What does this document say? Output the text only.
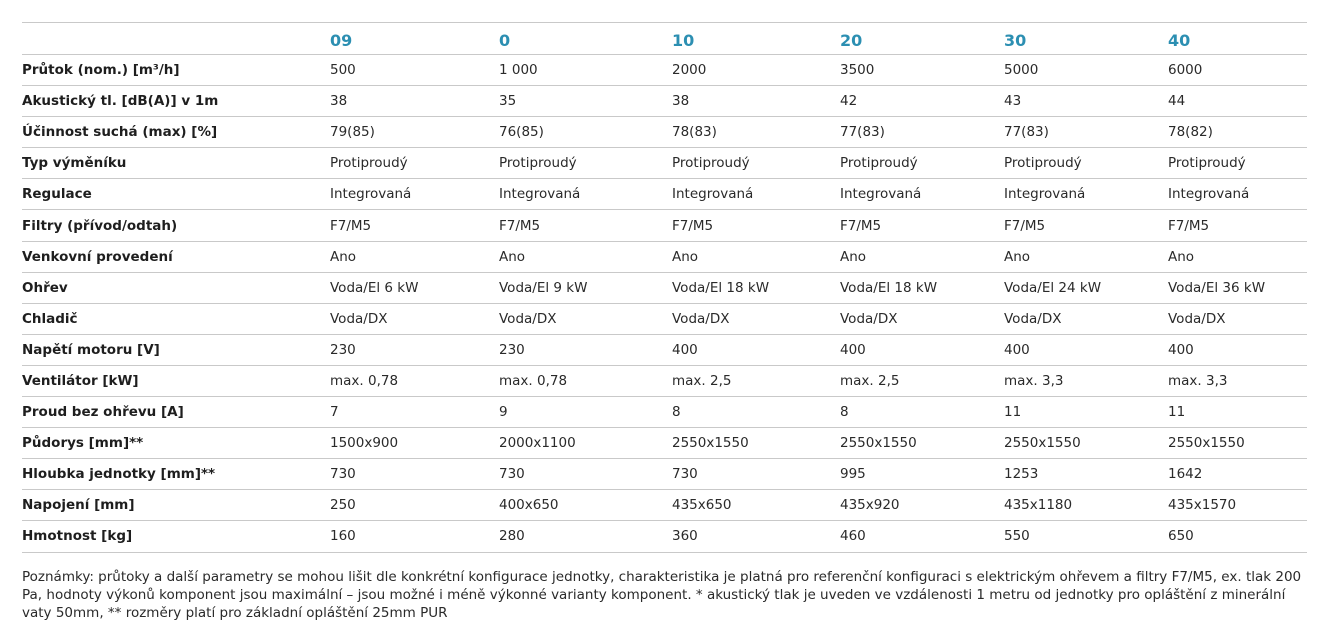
	09	0	10	20	30	40
Průtok (nom.) [m³/h]	500	1 000	2000	3500	5000	6000
Akustický tl. [dB(A)] v 1m	38	35	38	42	43	44
Účinnost suchá (max) [%]	79(85)	76(85)	78(83)	77(83)	77(83)	78(82)
Typ výměníku	Protiproudý	Protiproudý	Protiproudý	Protiproudý	Protiproudý	Protiproudý
Regulace	Integrovaná	Integrovaná	Integrovaná	Integrovaná	Integrovaná	Integrovaná
Filtry (přívod/odtah)	F7/M5	F7/M5	F7/M5	F7/M5	F7/M5	F7/M5
Venkovní provedení	Ano	Ano	Ano	Ano	Ano	Ano
Ohřev	Voda/El 6 kW	Voda/El 9 kW	Voda/El 18 kW	Voda/El 18 kW	Voda/El 24 kW	Voda/El 36 kW
Chladič	Voda/DX	Voda/DX	Voda/DX	Voda/DX	Voda/DX	Voda/DX
Napětí motoru [V]	230	230	400	400	400	400
Ventilátor [kW]	max. 0,78	max. 0,78	max. 2,5	max. 2,5	max. 3,3	max. 3,3
Proud bez ohřevu [A]	7	9	8	8	11	11
Půdorys [mm]**	1500x900	2000x1100	2550x1550	2550x1550	2550x1550	2550x1550
Hloubka jednotky [mm]**	730	730	730	995	1253	1642
Napojení [mm]	250	400x650	435x650	435x920	435x1180	435x1570
Hmotnost [kg]	160	280	360	460	550	650
Poznámky: průtoky a další parametry se mohou lišit dle konkrétní konfigurace jednotky, charakteristika je platná pro referenční konfiguraci s elektrickým ohřevem a filtry F7/M5, ex. tlak 200 Pa, hodnoty výkonů komponent jsou maximální – jsou možné i méně výkonné varianty komponent. * akustický tlak je uveden ve vzdálenosti 1 metru od jednotky pro opláštění z minerální vaty 50mm, ** rozměry platí pro základní opláštění 25mm PUR
